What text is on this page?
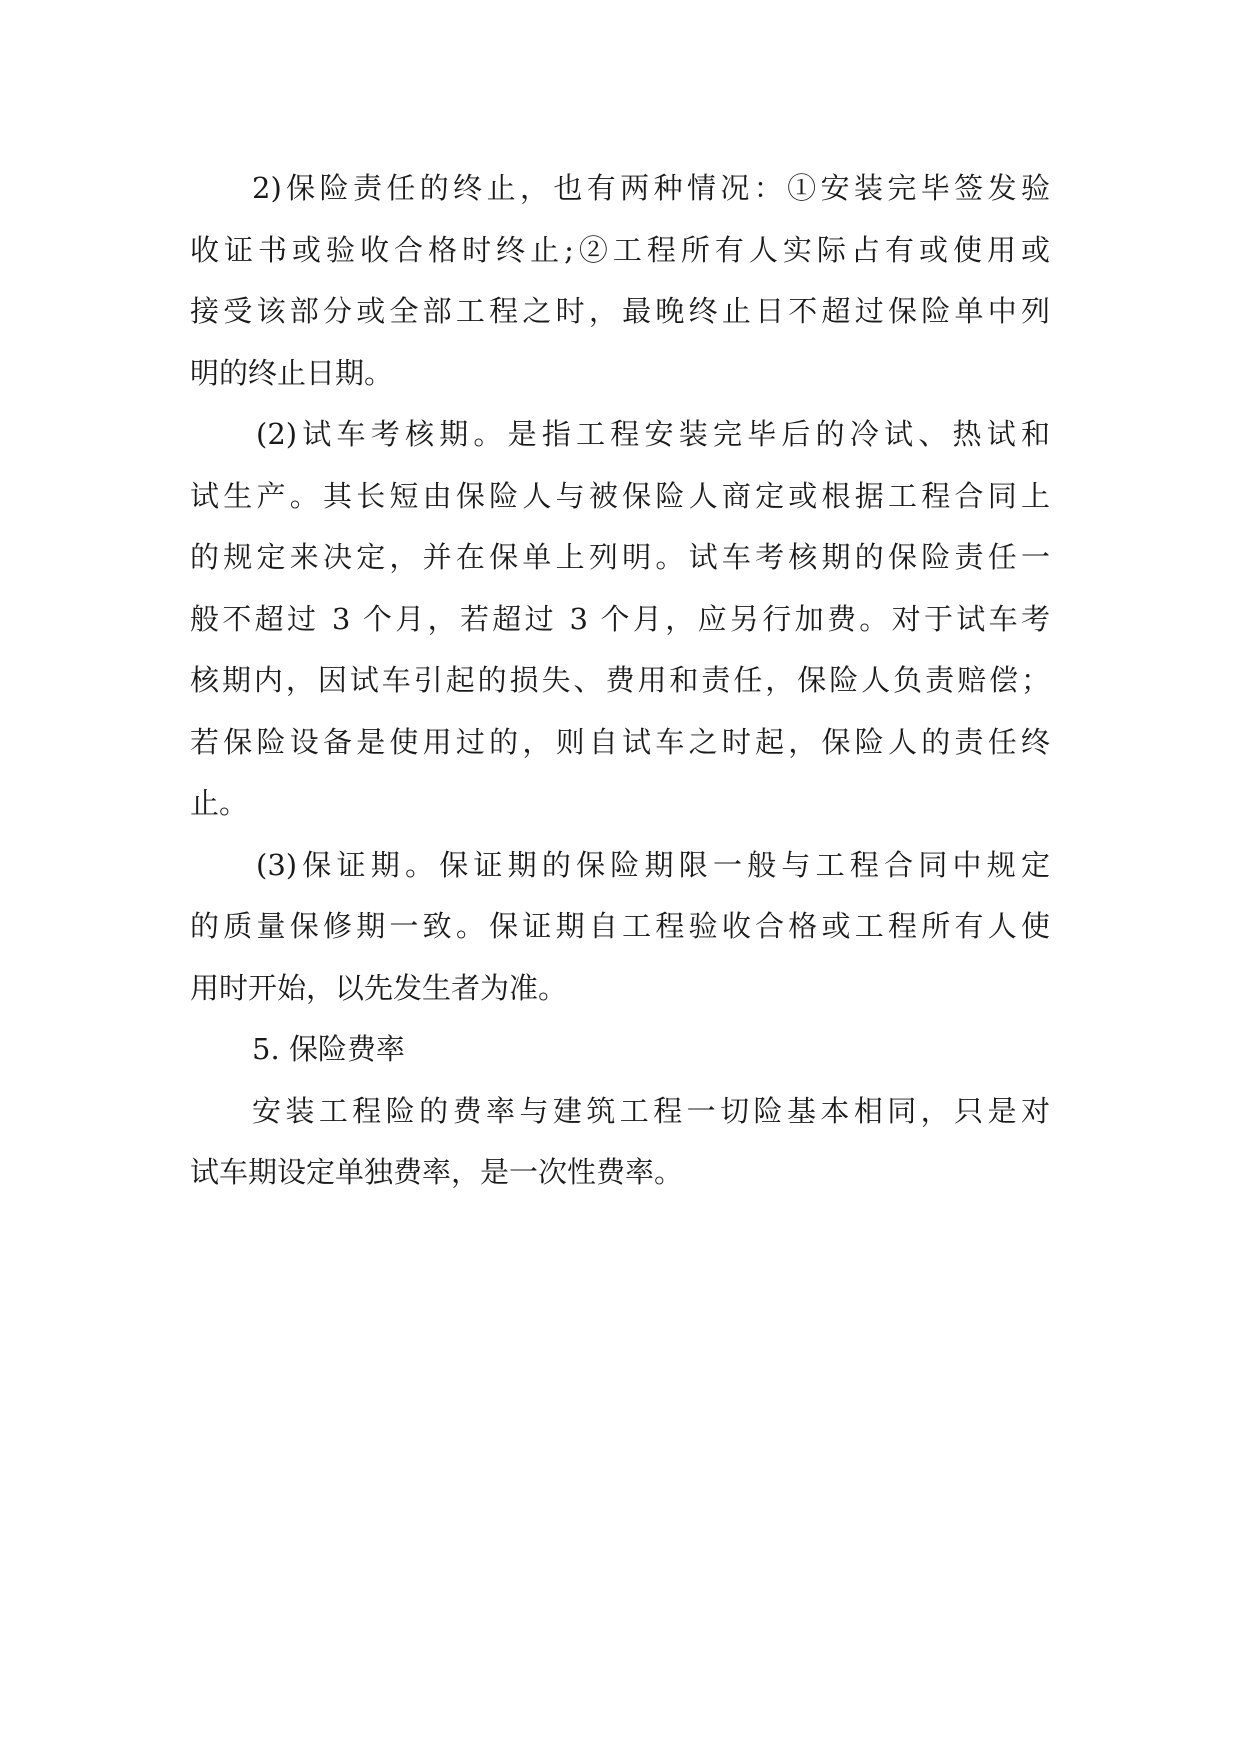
2)保险责任的终止，也有两种情况：①安装完毕签发验
收证书或验收合格时终止;②工程所有人实际占有或使用或
接受该部分或全部工程之时，最晚终止日不超过保险单中列
明的终止日期。
(2)试车考核期。是指工程安装完毕后的冷试、热试和
试生产。其长短由保险人与被保险人商定或根据工程合同上
的规定来决定，并在保单上列明。试车考核期的保险责任一
般不超过 3 个月，若超过 3 个月，应另行加费。对于试车考
核期内，因试车引起的损失、费用和责任，保险人负责赔偿；
若保险设备是使用过的，则自试车之时起，保险人的责任终
止。
(3)保证期。保证期的保险期限一般与工程合同中规定
的质量保修期一致。保证期自工程验收合格或工程所有人使
用时开始，以先发生者为准。
5. 保险费率
安装工程险的费率与建筑工程一切险基本相同，只是对
试车期设定单独费率，是一次性费率。
